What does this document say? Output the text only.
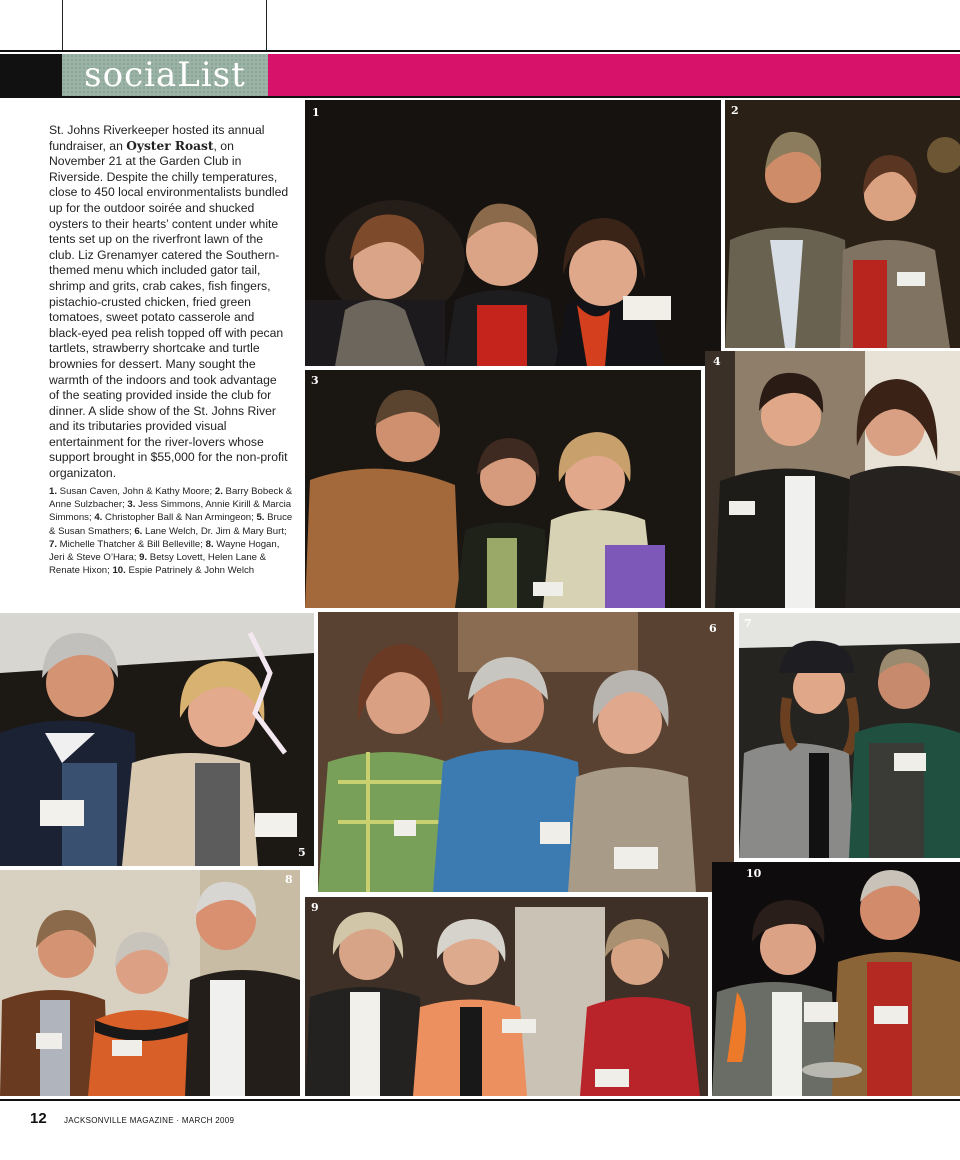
sociaList
St. Johns Riverkeeper hosted its annual fundraiser, an Oyster Roast, on November 21 at the Garden Club in Riverside. Despite the chilly temperatures, close to 450 local environmentalists bundled up for the outdoor soirée and shucked oysters to their hearts’ content under white tents set up on the riverfront lawn of the club. Liz Grenamyer catered the Southern-themed menu which included gator tail, shrimp and grits, crab cakes, fish fingers, pistachio-crusted chicken, fried green tomatoes, sweet potato casserole and black-eyed pea relish topped off with pecan tartlets, strawberry shortcake and turtle brownies for dessert. Many sought the warmth of the indoors and took advantage of the seating provided inside the club for dinner. A slide show of the St. Johns River and its tributaries provided visual entertainment for the river-lovers whose support brought in $55,000 for the non-profit organizaton.
1. Susan Caven, John & Kathy Moore; 2. Barry Bobeck & Anne Sulzbacher; 3. Jess Simmons, Annie Kirill & Marcia Simmons; 4. Christopher Ball & Nan Armingeon; 5. Bruce & Susan Smathers; 6. Lane Welch, Dr. Jim & Mary Burt; 7. Michelle Thatcher & Bill Belleville; 8. Wayne Hogan, Jeri & Steve O’Hara; 9. Betsy Lovett, Helen Lane & Renate Hixon; 10. Espie Patrinely & John Welch
1	2
3
4
5
6 7
8
9
10
12 JACKSONVILLE MAGAZINE · MARCH 2009
